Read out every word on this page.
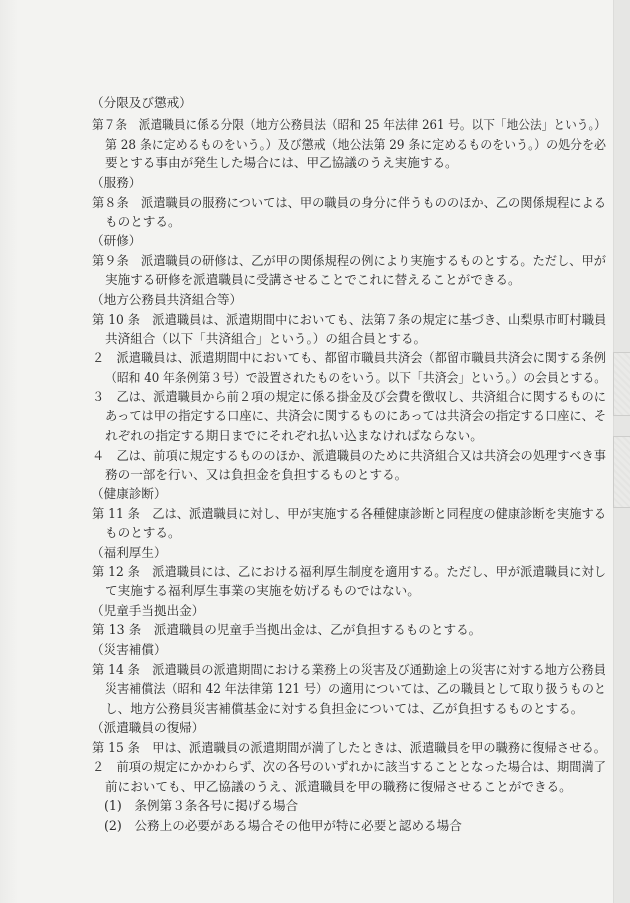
（分限及び懲戒）
第７条　派遣職員に係る分限（地方公務員法（昭和 25 年法律 261 号。以下「地公法」という。）
第 28 条に定めるものをいう。）及び懲戒（地公法第 29 条に定めるものをいう。）の処分を必
要とする事由が発生した場合には、甲乙協議のうえ実施する。
（服務）
第８条　派遣職員の服務については、甲の職員の身分に伴うもののほか、乙の関係規程による
ものとする。
（研修）
第９条　派遣職員の研修は、乙が甲の関係規程の例により実施するものとする。ただし、甲が
実施する研修を派遣職員に受講させることでこれに替えることができる。
（地方公務員共済組合等）
第 10 条　派遣職員は、派遣期間中においても、法第７条の規定に基づき、山梨県市町村職員
共済組合（以下「共済組合」という。）の組合員とする。
２　派遣職員は、派遣期間中においても、都留市職員共済会（都留市職員共済会に関する条例
（昭和 40 年条例第３号）で設置されたものをいう。以下「共済会」という。）の会員とする。
３　乙は、派遣職員から前２項の規定に係る掛金及び会費を徴収し、共済組合に関するものに
あっては甲の指定する口座に、共済会に関するものにあっては共済会の指定する口座に、そ
れぞれの指定する期日までにそれぞれ払い込まなければならない。
４　乙は、前項に規定するもののほか、派遣職員のために共済組合又は共済会の処理すべき事
務の一部を行い、又は負担金を負担するものとする。
（健康診断）
第 11 条　乙は、派遣職員に対し、甲が実施する各種健康診断と同程度の健康診断を実施する
ものとする。
（福利厚生）
第 12 条　派遣職員には、乙における福利厚生制度を適用する。ただし、甲が派遣職員に対し
て実施する福利厚生事業の実施を妨げるものではない。
（児童手当拠出金）
第 13 条　派遣職員の児童手当拠出金は、乙が負担するものとする。
（災害補償）
第 14 条　派遣職員の派遣期間における業務上の災害及び通勤途上の災害に対する地方公務員
災害補償法（昭和 42 年法律第 121 号）の適用については、乙の職員として取り扱うものと
し、地方公務員災害補償基金に対する負担金については、乙が負担するものとする。
（派遣職員の復帰）
第 15 条　甲は、派遣職員の派遣期間が満了したときは、派遣職員を甲の職務に復帰させる。
２　前項の規定にかかわらず、次の各号のいずれかに該当することとなった場合は、期間満了
前においても、甲乙協議のうえ、派遣職員を甲の職務に復帰させることができる。
(1)　条例第３条各号に掲げる場合
(2)　公務上の必要がある場合その他甲が特に必要と認める場合
